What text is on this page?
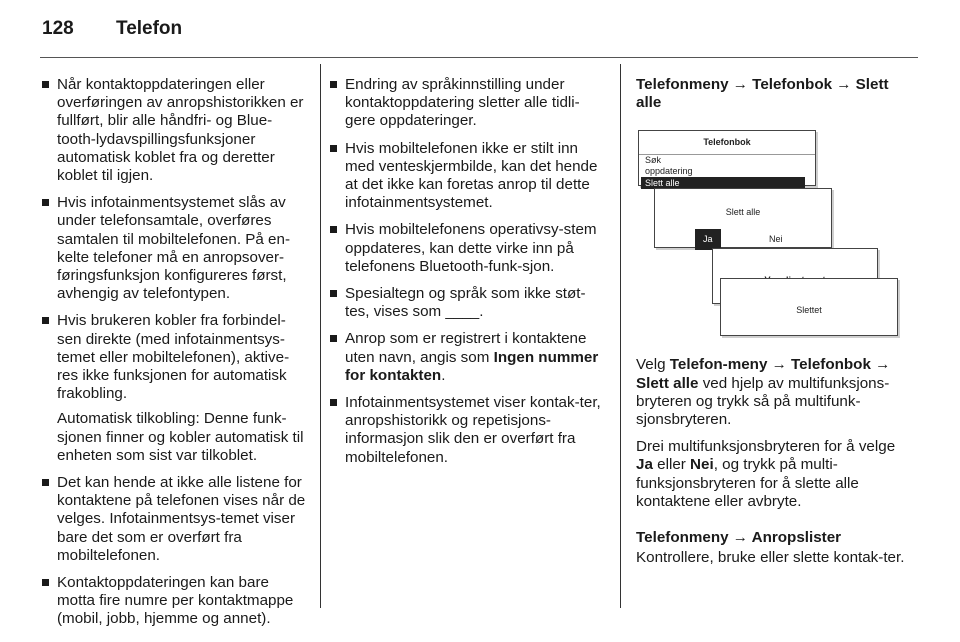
128 Telefon
Når kontaktoppdateringen eller overføringen av anropshistorikken er fullført, blir alle håndfri- og Blue-tooth-lydavspillingsfunksjoner automatisk koblet fra og deretter koblet til igjen.
Hvis infotainmentsystemet slås av under telefonsamtale, overføres samtalen til mobiltelefonen. På en-kelte telefoner må en anropsover-føringsfunksjon konfigureres først, avhengig av telefontypen.
Hvis brukeren kobler fra forbindel-sen direkte (med infotainmentsys-temet eller mobiltelefonen), aktive-res ikke funksjonen for automatisk frakobling.
Automatisk tilkobling: Denne funk-sjonen finner og kobler automatisk til enheten som sist var tilkoblet.
Det kan hende at ikke alle listene for kontaktene på telefonen vises når de velges. Infotainmentsys-temet viser bare det som er overført fra mobiltelefonen.
Kontaktoppdateringen kan bare motta fire numre per kontaktmappe (mobil, jobb, hjemme og annet).
Endring av språkinnstilling under kontaktoppdatering sletter alle tidli-gere oppdateringer.
Hvis mobiltelefonen ikke er stilt inn med venteskjermbilde, kan det hende at det ikke kan foretas anrop til dette infotainmentsystemet.
Hvis mobiltelefonens operativsy-stem oppdateres, kan dette virke inn på telefonens Bluetooth-funk-sjon.
Spesialtegn og språk som ikke støt-tes, vises som ____.
Anrop som er registrert i kontaktene uten navn, angis som Ingen nummer for kontakten.
Infotainmentsystemet viser kontak-ter, anropshistorikk og repetisjons-informasjon slik den er overført fra mobiltelefonen.
Telefonmeny → Telefonbok → Slett alle
Telefonbok
Søk
oppdatering
Slett alle
Slett alle
Ja	Nei
Slettet

Velg Telefon-meny → Telefonbok → Slett alle ved hjelp av multifunksjons-bryteren og trykk så på multifunk-sjonsbryteren.

Drei multifunksjonsbryteren for å velge Ja eller Nei, og trykk på multi-funksjonsbryteren for å slette alle kontaktene eller avbryte.

Telefonmeny → Anropslister

Kontrollere, bruke eller slette kontak-ter.
